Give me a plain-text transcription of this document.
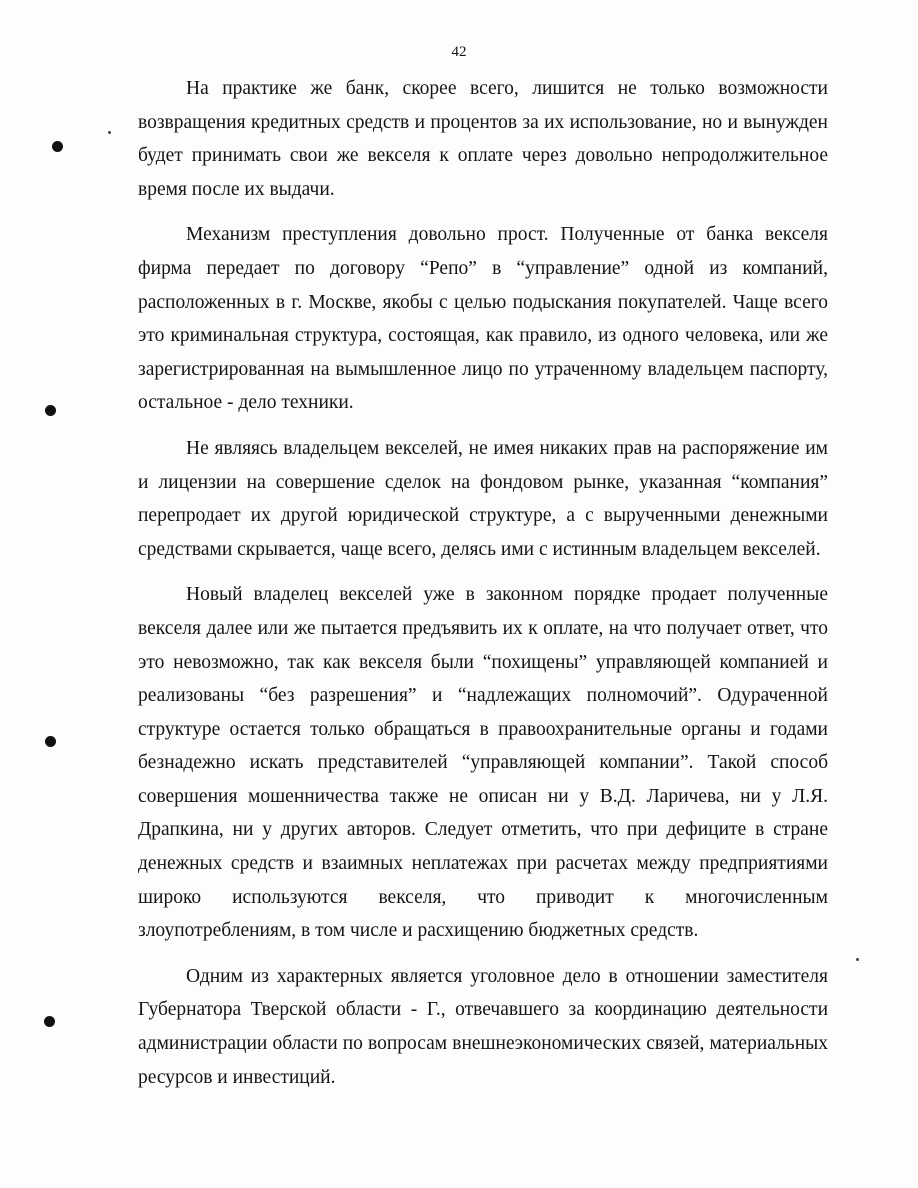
42

На практике же банк, скорее всего, лишится не только возможности возвращения кредитных средств и процентов за их использование, но и вынужден будет принимать свои же векселя к оплате через довольно непродолжительное время после их выдачи.

Механизм преступления довольно прост. Полученные от банка векселя фирма передает по договору “Репо” в “управление” одной из компаний, расположенных в г. Москве, якобы с целью подыскания покупателей. Чаще всего это криминальная структура, состоящая, как правило, из одного человека, или же зарегистрированная на вымышленное лицо по утраченному владельцем паспорту, остальное - дело техники.

Не являясь владельцем векселей, не имея никаких прав на распоряжение им и лицензии на совершение сделок на фондовом рынке, указанная “компания” перепродает их другой юридической структуре, а с вырученными денежными средствами скрывается, чаще всего, делясь ими с истинным владельцем векселей.

Новый владелец векселей уже в законном порядке продает полученные векселя далее или же пытается предъявить их к оплате, на что получает ответ, что это невозможно, так как векселя были “похищены” управляющей компанией и реализованы “без разрешения” и “надлежащих полномочий”. Одураченной структуре остается только обращаться в правоохранительные органы и годами безнадежно искать представителей “управляющей компании”. Такой способ совершения мошенничества также не описан ни у В.Д. Ларичева, ни у Л.Я. Драпкина, ни у других авторов. Следует отметить, что при дефиците в стране денежных средств и взаимных неплатежах при расчетах между предприятиями широко используются векселя, что приводит к многочисленным злоупотреблениям, в том числе и расхищению бюджетных средств.

Одним из характерных является уголовное дело в отношении заместителя Губернатора Тверской области - Г., отвечавшего за координацию деятельности администрации области по вопросам внешнеэкономических связей, материальных ресурсов и инвестиций.
